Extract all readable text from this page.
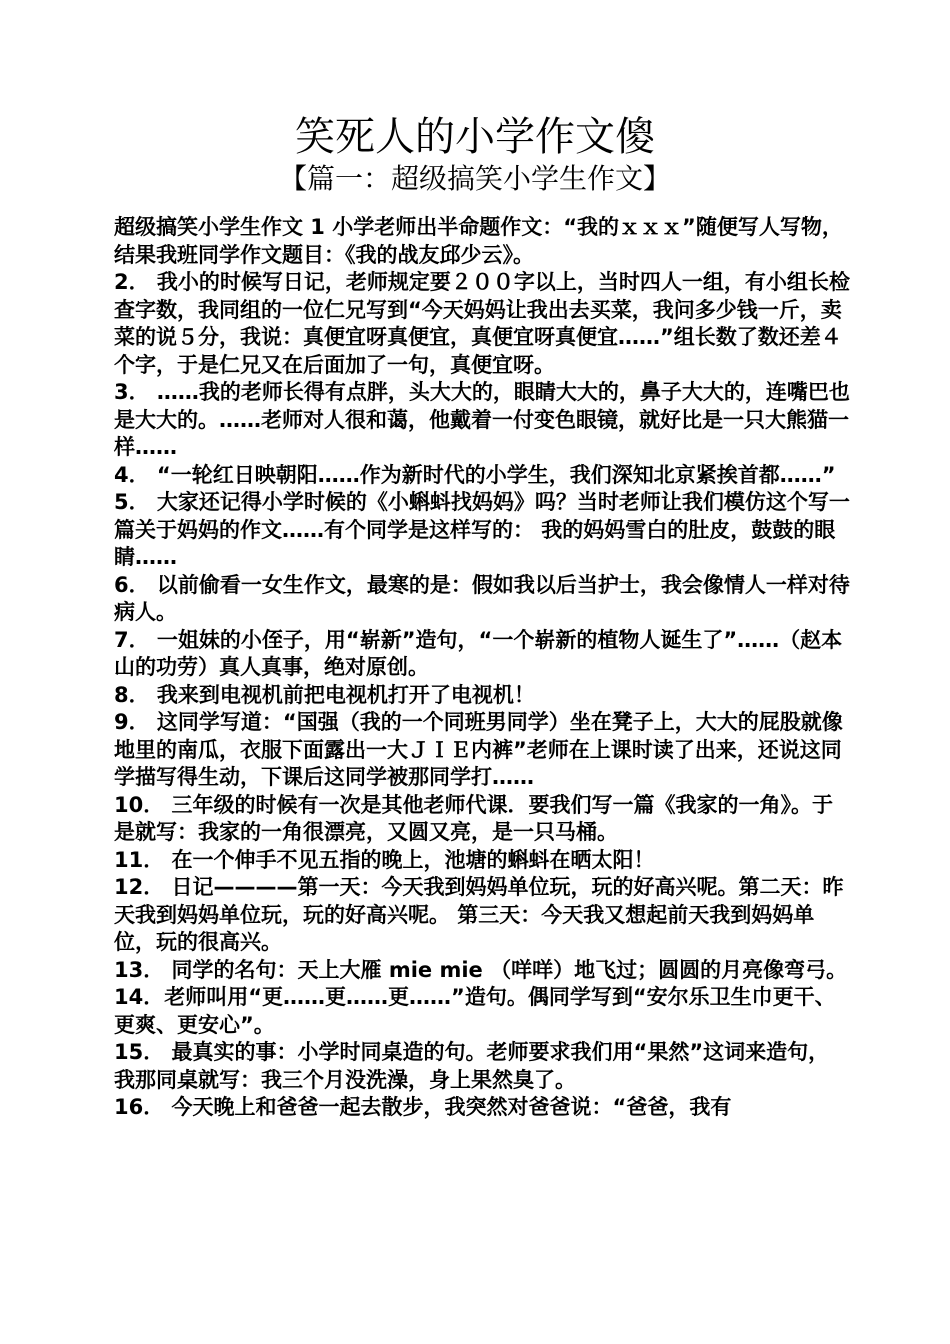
笑死人的小学作文傻
【篇一：超级搞笑小学生作文】

超级搞笑小学生作文 1 小学老师出半命题作文：“我的ｘｘｘ”随便写人写物，结果我班同学作文题目：《我的战友邱少云》。

2． 我小的时候写日记，老师规定要２００字以上，当时四人一组，有小组长检查字数，我同组的一位仁兄写到“今天妈妈让我出去买菜，我问多少钱一斤，卖菜的说５分，我说：真便宜呀真便宜，真便宜呀真便宜……”组长数了数还差４个字，于是仁兄又在后面加了一句，真便宜呀。

3． ……我的老师长得有点胖，头大大的，眼睛大大的，鼻子大大的，连嘴巴也是大大的。……老师对人很和蔼，他戴着一付变色眼镜，就好比是一只大熊猫一样……

4． “一轮红日映朝阳……作为新时代的小学生，我们深知北京紧挨首都……”

5． 大家还记得小学时候的《小蝌蚪找妈妈》吗？当时老师让我们模仿这个写一篇关于妈妈的作文……有个同学是这样写的： 我的妈妈雪白的肚皮，鼓鼓的眼睛……

6． 以前偷看一女生作文，最寒的是：假如我以后当护士，我会像情人一样对待病人。

7． 一姐妹的小侄子，用“崭新”造句，“一个崭新的植物人诞生了”……（赵本山的功劳）真人真事，绝对原创。

8． 我来到电视机前把电视机打开了电视机！

9． 这同学写道：“国强（我的一个同班男同学）坐在凳子上，大大的屁股就像地里的南瓜，衣服下面露出一大ＪＩＥ内裤”老师在上课时读了出来，还说这同学描写得生动，下课后这同学被那同学打……

10． 三年级的时候有一次是其他老师代课．要我们写一篇《我家的一角》。于是就写：我家的一角很漂亮，又圆又亮，是一只马桶。

11． 在一个伸手不见五指的晚上，池塘的蝌蚪在晒太阳！

12． 日记————第一天：今天我到妈妈单位玩，玩的好高兴呢。第二天：昨天我到妈妈单位玩，玩的好高兴呢。 第三天：今天我又想起前天我到妈妈单位，玩的很高兴。

13． 同学的名句：天上大雁 mie mie （咩咩）地飞过；圆圆的月亮像弯弓。

14．老师叫用“更……更……更……”造句。偶同学写到“安尔乐卫生巾更干、更爽、更安心”。

15． 最真实的事：小学时同桌造的句。老师要求我们用“果然”这词来造句，我那同桌就写：我三个月没洗澡，身上果然臭了。

16． 今天晚上和爸爸一起去散步，我突然对爸爸说：“爸爸，我有
